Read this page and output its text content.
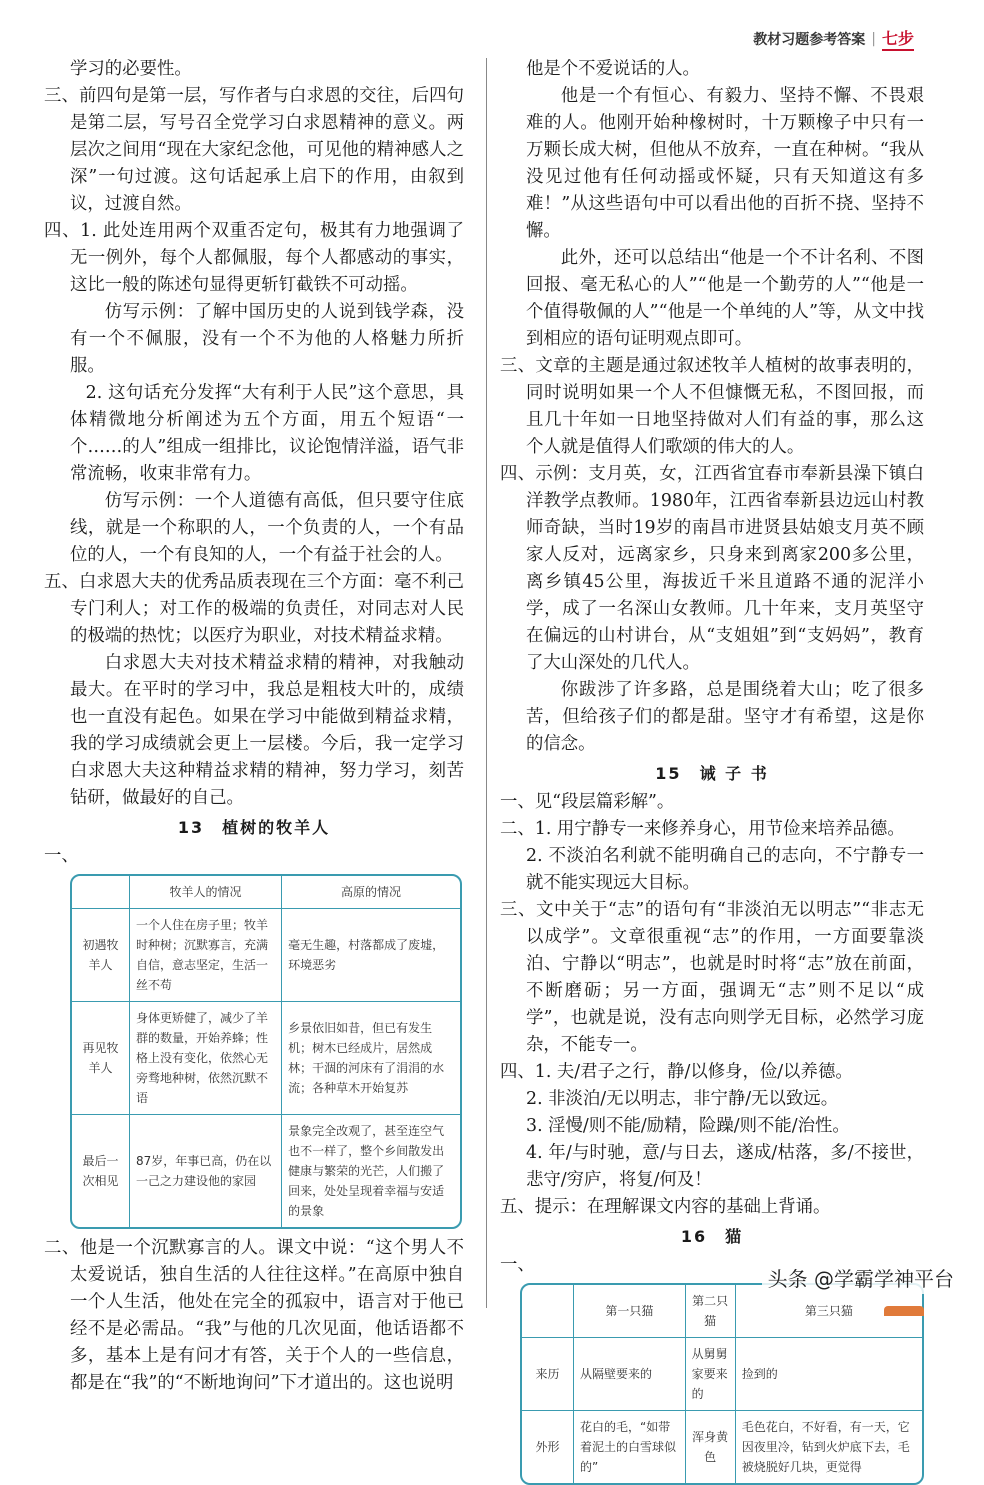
教材习题参考答案 | 七步

学习的必要性。

三、前四句是第一层，写作者与白求恩的交往，后四句是第二层，写号召全党学习白求恩精神的意义。两层次之间用“现在大家纪念他，可见他的精神感人之深”一句过渡。这句话起承上启下的作用，由叙到议，过渡自然。

四、1. 此处连用两个双重否定句，极其有力地强调了无一例外，每个人都佩服，每个人都感动的事实，这比一般的陈述句显得更斩钉截铁不可动摇。

仿写示例：了解中国历史的人说到钱学森，没有一个不佩服，没有一个不为他的人格魅力所折服。

2. 这句话充分发挥“大有利于人民”这个意思，具体精微地分析阐述为五个方面，用五个短语“一个……的人”组成一组排比，议论饱情洋溢，语气非常流畅，收束非常有力。

仿写示例：一个人道德有高低，但只要守住底线，就是一个称职的人，一个负责的人，一个有品位的人，一个有良知的人，一个有益于社会的人。

五、白求恩大夫的优秀品质表现在三个方面：毫不利己专门利人；对工作的极端的负责任，对同志对人民的极端的热忱；以医疗为职业，对技术精益求精。

白求恩大夫对技术精益求精的精神，对我触动最大。在平时的学习中，我总是粗枝大叶的，成绩也一直没有起色。如果在学习中能做到精益求精，我的学习成绩就会更上一层楼。今后，我一定学习白求恩大夫这种精益求精的精神，努力学习，刻苦钻研，做最好的自己。

13　植树的牧羊人

一、

	牧羊人的情况	高原的情况
初遇牧羊人	一个人住在房子里；牧羊时种树；沉默寡言，充满自信，意志坚定，生活一丝不苟	毫无生趣，村落都成了废墟，环境恶劣
再见牧羊人	身体更矫健了，减少了羊群的数量，开始养蜂；性格上没有变化，依然心无旁骛地种树，依然沉默不语	乡景依旧如昔，但已有发生机；树木已经成片，居然成林；干涸的河床有了涓涓的水流；各种草木开始复苏
最后一次相见	87岁，年事已高，仍在以一己之力建设他的家园	景象完全改观了，甚至连空气也不一样了，整个乡间散发出健康与繁荣的光芒，人们搬了回来，处处呈现着幸福与安适的景象

二、他是一个沉默寡言的人。课文中说：“这个男人不太爱说话，独自生活的人往往这样。”在高原中独自一个人生活，他处在完全的孤寂中，语言对于他已经不是必需品。“我”与他的几次见面，他话语都不多，基本上是有问才有答，关于个人的一些信息，都是在“我”的“不断地询问”下才道出的。这也说明

他是个不爱说话的人。

他是一个有恒心、有毅力、坚持不懈、不畏艰难的人。他刚开始种橡树时，十万颗橡子中只有一万颗长成大树，但他从不放弃，一直在种树。“我从没见过他有任何动摇或怀疑，只有天知道这有多难！”从这些语句中可以看出他的百折不挠、坚持不懈。

此外，还可以总结出“他是一个不计名利、不图回报、毫无私心的人”“他是一个勤劳的人”“他是一个值得敬佩的人”“他是一个单纯的人”等，从文中找到相应的语句证明观点即可。

三、文章的主题是通过叙述牧羊人植树的故事表明的，同时说明如果一个人不但慷慨无私，不图回报，而且几十年如一日地坚持做对人们有益的事，那么这个人就是值得人们歌颂的伟大的人。

四、示例：支月英，女，江西省宜春市奉新县澡下镇白洋教学点教师。1980年，江西省奉新县边远山村教师奇缺，当时19岁的南昌市进贤县姑娘支月英不顾家人反对，远离家乡，只身来到离家200多公里，离乡镇45公里，海拔近千米且道路不通的泥洋小学，成了一名深山女教师。几十年来，支月英坚守在偏远的山村讲台，从“支姐姐”到“支妈妈”，教育了大山深处的几代人。

你跋涉了许多路，总是围绕着大山；吃了很多苦，但给孩子们的都是甜。坚守才有希望，这是你的信念。

15　诫 子 书

一、见“段层篇彩解”。

二、1. 用宁静专一来修养身心，用节俭来培养品德。

2. 不淡泊名利就不能明确自己的志向，不宁静专一就不能实现远大目标。

三、文中关于“志”的语句有“非淡泊无以明志”“非志无以成学”。文章很重视“志”的作用，一方面要靠淡泊、宁静以“明志”，也就是时时将“志”放在前面，不断磨砺；另一方面，强调无“志”则不足以“成学”，也就是说，没有志向则学无目标，必然学习庞杂，不能专一。

四、1. 夫/君子之行，静/以修身，俭/以养德。

2. 非淡泊/无以明志，非宁静/无以致远。

3. 淫慢/则不能/励精，险躁/则不能/治性。

4. 年/与时驰，意/与日去，遂成/枯落，多/不接世，悲守/穷庐，将复/何及！

五、提示：在理解课文内容的基础上背诵。

16　猫

一、

	第一只猫	第二只猫	第三只猫
来历	从隔壁要来的	从舅舅家要来的	捡到的
外形	花白的毛，“如带着泥土的白雪球似的”	浑身黄色	毛色花白，不好看，有一天，它因夜里冷，钻到火炉底下去，毛被烧脱好几块，更觉得
头条 @学霸学神平台
